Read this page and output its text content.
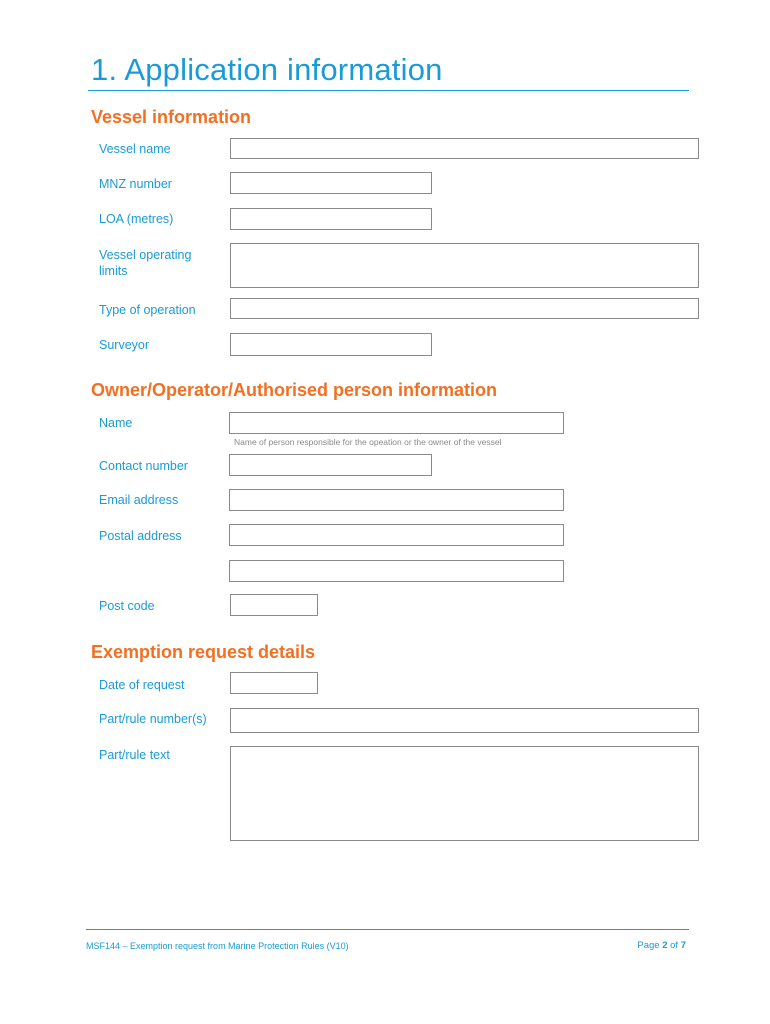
1. Application information
Vessel information
Vessel name
MNZ number
LOA (metres)
Vessel operating
limits
Type of operation
Surveyor
Owner/Operator/Authorised person information
Name
Name of person responsible for the opeation or the owner of the vessel
Contact number
Email address
Postal address
Post code
Exemption request details
Date of request
Part/rule number(s)
Part/rule text
MSF144 – Exemption request from Marine Protection Rules (V10)	Page 2 of 7
